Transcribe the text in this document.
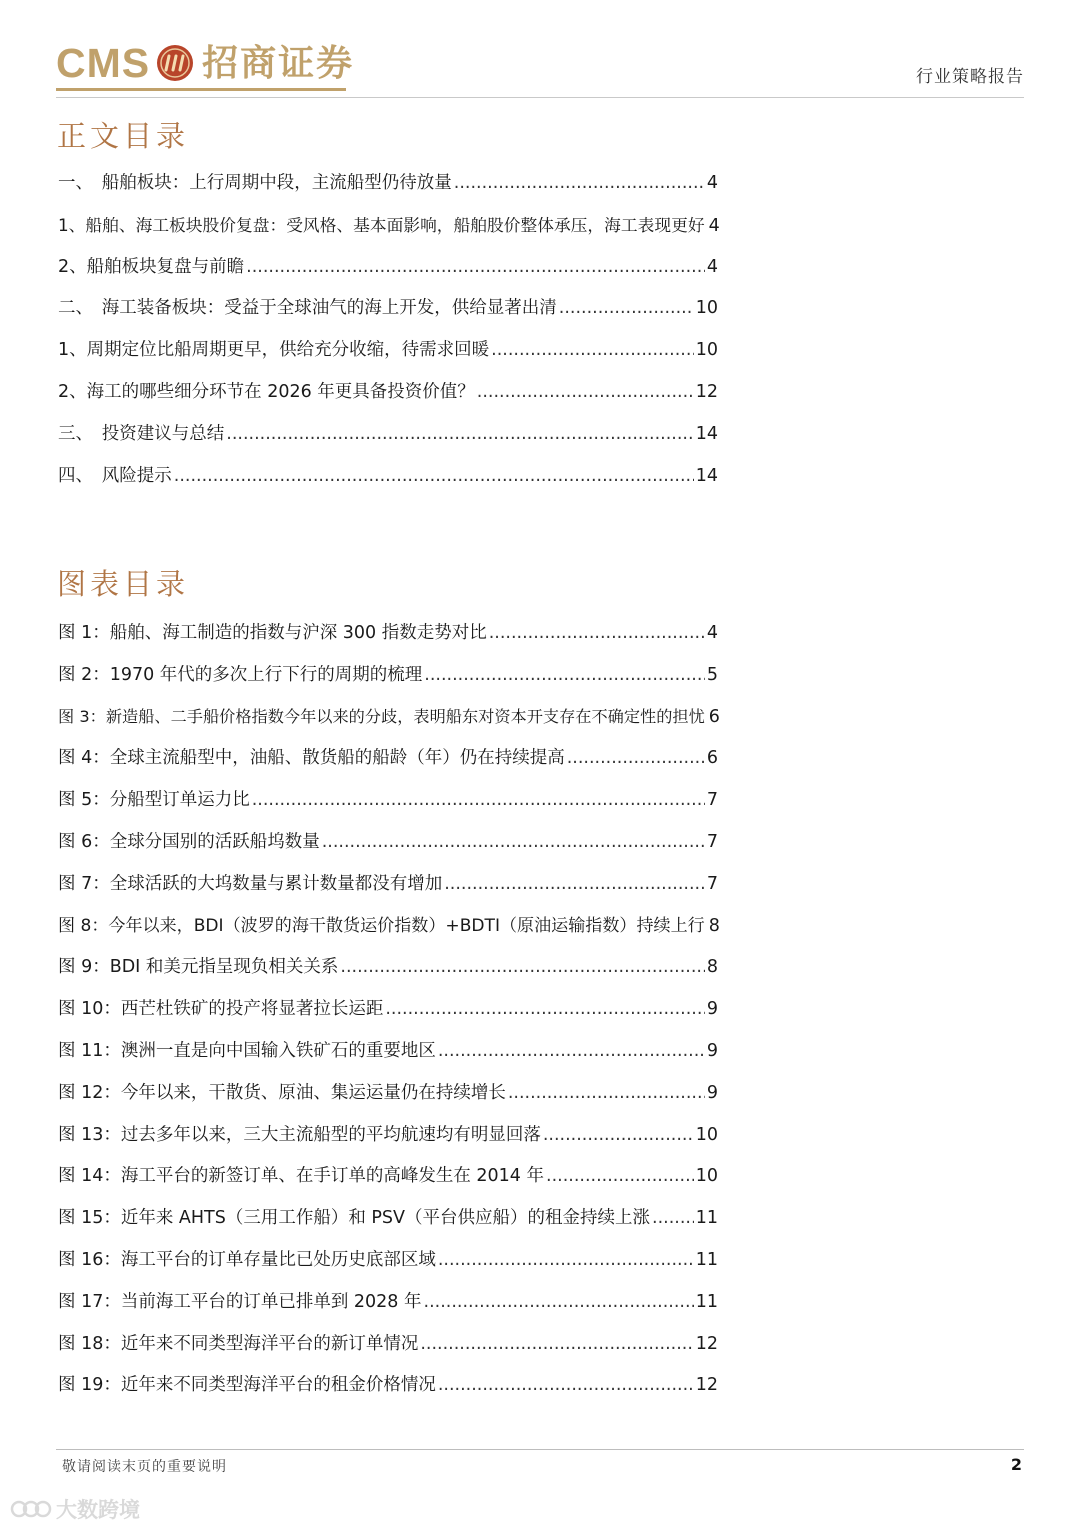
CMS 招商证券	行业策略报告
正文目录
一、　船舶板块：上行周期中段，主流船型仍待放量 .....	4
1、船舶、海工板块股价复盘：受风格、基本面影响，船舶股价整体承压，海工表现更好 4
2、船舶板块复盘与前瞻 .....	4
二、　海工装备板块：受益于全球油气的海上开发，供给显著出清 .....	10
1、周期定位比船周期更早，供给充分收缩，待需求回暖 .....	10
2、海工的哪些细分环节在 2026 年更具备投资价值？ .....	12
三、　投资建议与总结 .....	14
四、　风险提示 .....	14
图表目录
图 1：船舶、海工制造的指数与沪深 300 指数走势对比 .....	4
图 2：1970 年代的多次上行下行的周期的梳理 .....	5
图 3：新造船、二手船价格指数今年以来的分歧，表明船东对资本开支存在不确定性的担忧 6
图 4：全球主流船型中，油船、散货船的船龄（年）仍在持续提高 .....	6
图 5：分船型订单运力比 .....	7
图 6：全球分国别的活跃船坞数量 .....	7
图 7：全球活跃的大坞数量与累计数量都没有增加 .....	7
图 8：今年以来，BDI（波罗的海干散货运价指数）+BDTI（原油运输指数）持续上行 8
图 9：BDI 和美元指呈现负相关关系 .....	8
图 10：西芒杜铁矿的投产将显著拉长运距 .....	9
图 11：澳洲一直是向中国输入铁矿石的重要地区 .....	9
图 12：今年以来，干散货、原油、集运运量仍在持续增长 .....	9
图 13：过去多年以来，三大主流船型的平均航速均有明显回落 .....	10
图 14：海工平台的新签订单、在手订单的高峰发生在 2014 年 .....	10
图 15：近年来 AHTS（三用工作船）和 PSV（平台供应船）的租金持续上涨 .....	11
图 16：海工平台的订单存量比已处历史底部区域 .....	11
图 17：当前海工平台的订单已排单到 2028 年 .....	11
图 18：近年来不同类型海洋平台的新订单情况 .....	12
图 19：近年来不同类型海洋平台的租金价格情况 .....	12
敬请阅读末页的重要说明	2
大数跨境
